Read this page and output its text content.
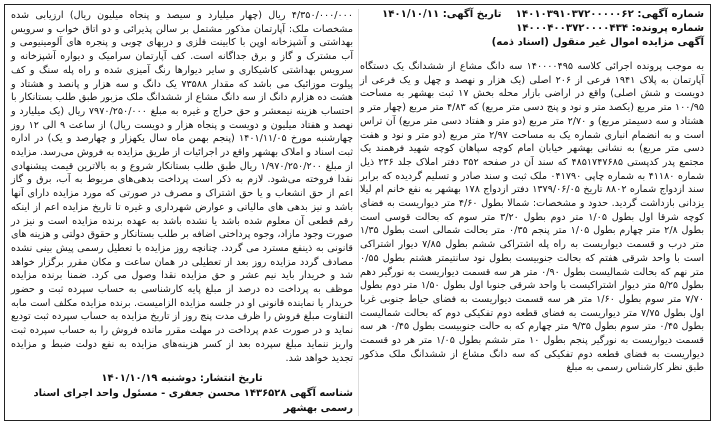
شماره آگهی: ۱۴۰۱۰۳۹۱۰۳۷۲۰۰۰۰۰۶۲    تاریخ آگهی: ۱۴۰۱/۱۰/۱۱
شماره پرونده: ۱۴۰۰۰۴۰۰۳۷۲۰۰۰۰۴۳۴
آگهی مزایده اموال غیر منقول (اسناد ذمه)

به موجب پرونده اجرائی کلاسه ۱۴۰۰۰۰۴۹۵ سه دانگ مشاع از ششدانگ یک دستگاه آپارتمان به پلاک ۱۹۴۱ فرعی از ۲۰۶ اصلی (یک هزار و نهصد و چهل و یک فرعی از دویست و شش اصلی) واقع در اراضی بازار محله بخش ۱۷ ثبت بهشهر به مساحت ۱۰۰/۹۵ متر مربع (یکصد متر و نود و پنج دسی متر مربع) که ۴/۸۳ متر مربع (چهار متر و هشتاد و سه دسیمتر مربع) و ۲/۷۰ متر مربع (دو متر و هفتاد دسی متر مربع) آن تراس است و به انضمام انباری شماره یک به مساحت ۲/۹۷ متر مربع (دو متر و نود و هفت دسی متر مربع) به نشانی بهشهر خیابان امام کوچه سپاهان کوچه شهید فرهمند یک مجتمع پدر کدپستی ۴۸۵۱۷۴۷۶۸۵ که سند آن در صفحه ۳۵۲ دفتر املاک جلد ۲۳۶ ذیل شماره ۴۱۱۸۰ به شماره چاپی ۰۴۱۷۹۰ ملک ثبت و سند صادر و تسلیم گردیده که برابر سند ازدواج شماره ۸۸۰۲ تاریخ ۱۳۷۹/۰۶/۰۵ دفتر ازدواج ۱۷۸ بهشهر به نفع خانم ام لیلا یزدانی بازداشت گردید. حدود و مشخصات: شمالا بطول ۴/۶۰ متر دیواریست به فضای کوچه شرقا اول بطول ۱/۰۵ متر دوم بطول ۳/۲۰ متر سوم که بحالت قوسی است بطول ۲/۸ متر چهارم بطول ۱/۰۵ متر پنجم ۰/۳۵ متر بحالت شمالی است بطول ۱/۳۵ متر درب و قسمت دیواریست به راه پله اشتراکی ششم بطول ۷/۸۵ دیوار اشتراکی است با واحد شرقی هفتم که بحالت جنوبیست بطول نود سانتیمتر هشتم بطول ۰/۵۵ متر نهم که بحالت شمالیست بطول ۰/۹۰ متر هر سه قسمت دیواریست به نورگیر دهم بطول ۵/۲۵ متر دیوار اشتراکیست با واحد شرقی جنوبا اول بطول ۱/۵۰ متر دوم بطول ۷/۷۰ متر سوم بطول ۱/۶۰ متر هر سه قسمت دیواریست به فضای حیاط جنوبی غربا اول بطول ۷/۷۵ متر دیواریست به فضای قطعه دوم تفکیکی دوم که بحالت شمالیست بطول ۰/۴۵ متر سوم بطول ۹/۳۵ متر چهارم که به حالت جنوبیست بطول ۰/۴۵ هر سه قسمت دیواریست به نورگیر پنجم بطول ۱۰ متر ششم بطول ۱/۰۵ متر هر دو قسمت دیواریست به فضای قطعه دوم تفکیکی که سه دانگ مشاع از ششدانگ ملک مذکور طبق نظر کارشناس رسمی به مبلغ

۴/۳۵۰/۰۰۰/۰۰۰ ریال (چهار میلیارد و سیصد و پنجاه میلیون ریال) ارزیابی شده مشخصات ملک: آپارتمان مذکور مشتمل بر سالن پذیرائی و دو اتاق خواب و سرویس بهداشتی و آشپزخانه اوپن با کابینت فلزی و دربهای چوبی و پنجره های آلومینیومی و آب مشترک و گاز و برق جداگانه است. کف آپارتمان سرامیک و دیواره آشپزخانه و سرویس بهداشتی کاشیکاری و سایر دیوارها رنگ آمیزی شده و راه پله سنگ و کف پیلوت موزائیک می باشد که مقدار ۷۳۵۸۸ یک دانگ و سه هزار و پانصد و هشتاد و هشت ده هزارم دانگ از سه دانگ مشاع از ششدانگ ملک مزبور طبق طلب بستانکار با احتساب هزینه نیمعشر و حق حراج و غیره به مبلغ ۷۹۷۰/۲۵۰/۰۰۰ ریال (یک میلیارد و نهصد و هفتاد میلیون و دویست و پنجاه هزار و دویست ریال) از ساعت ۹ الی ۱۲ روز چهارشنبه مورخ ۱۴۰۱/۱۱/۰۵ (پنجم بهمن ماه سال یکهزار و چهارصد و یک) در اداره ثبت اسناد و املاک بهشهر واقع در اجرائیات از طریق مزایده به فروش می‌رسد. مزایده از مبلغ ۱/۹۷۰/۲۵۰/۲۰۰ ریال طبق طلب بستانکار شروع و به بالاترین قیمت پیشنهادی نقدا فروخته می‌شود. لازم به ذکر است پرداخت بدهی‌های مربوط به آب، برق و گاز اعم از حق انشعاب و یا حق اشتراک و مصرف در صورتی که مورد مزایده دارای آنها باشد و نیز بدهی های مالیاتی و عوارض شهرداری و غیره تا تاریخ مزایده اعم از اینکه رقم قطعی آن معلوم شده باشد یا نشده باشد به عهده برنده مزایده است و نیز در صورت وجود مازاد، وجوه پرداختی اضافه بر طلب بستانکار و حقوق دولتی و هزینه های قانونی به ذینفع مسترد می گردد. چنانچه روز مزایده با تعطیل رسمی پیش بینی نشده مصادف گردد مزایده روز بعد از تعطیلی در همان ساعت و مکان مقرر برگزار خواهد شد و خریدار باید نیم عشر و حق مزایده نقدا وصول می کرد. ضمنا برنده مزایده موظف به پرداخت ده درصد از مبلغ پایه کارشناسی به حساب سپرده ثبت و حضور خریدار یا نماینده قانونی او در جلسه مزایده الزامیست. برنده مزایده مکلف است مابه التفاوت مبلغ فروش را ظرف مدت پنج روز از تاریخ مزایده به حساب سپرده ثبت تودیع نماید و در صورت عدم پرداخت در مهلت مقرر مانده فروش را به حساب سپرده ثبت واریز ننماید مبلغ سپرده بعد از کسر هزینه‌های مزایده به نفع دولت ضبط و مزایده تجدید خواهد شد.

تاریخ انتشار: دوشنبه ۱۴۰۱/۱۰/۱۹
شناسه آگهی ۱۴۳۶۵۲۸ محسن جعفری - مسئول واحد اجرای اسناد رسمی بهشهر
